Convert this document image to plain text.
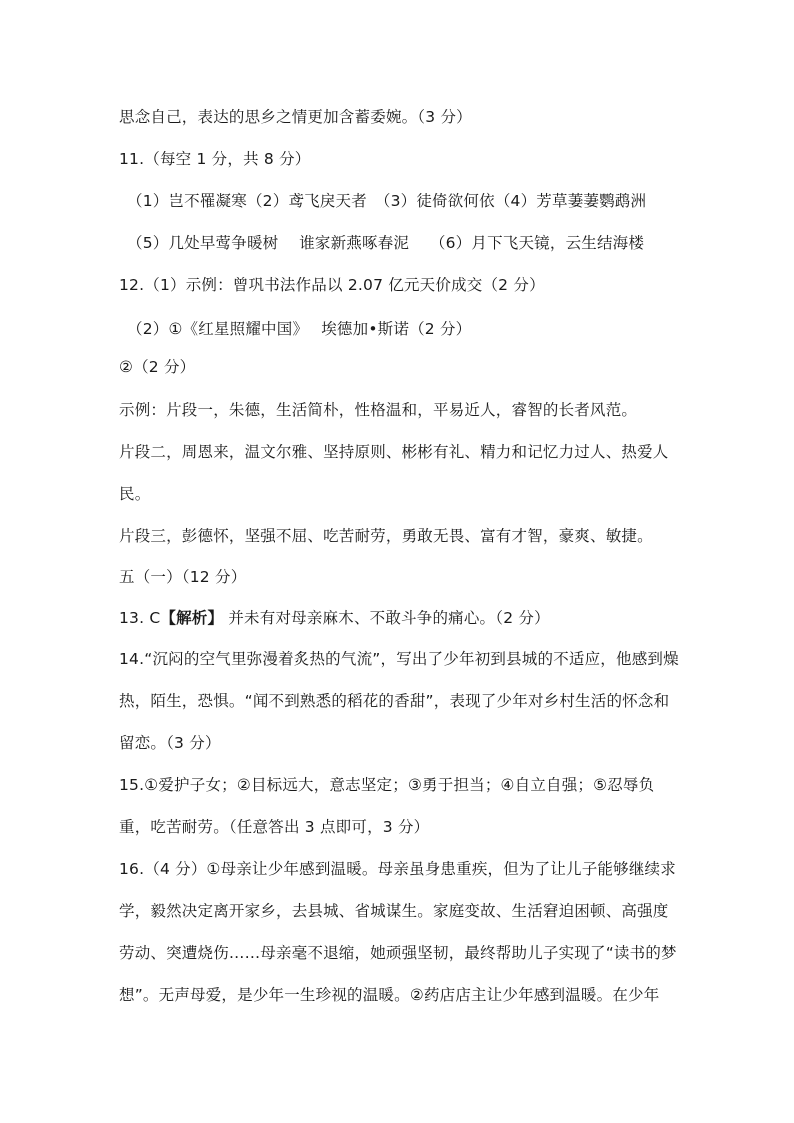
思念自己，表达的思乡之情更加含蓄委婉。（3 分）
11.（每空 1 分，共 8 分）
（1）岂不罹凝寒（2）鸢飞戾天者　（3）徒倚欲何依（4）芳草萋萋鹦鹉洲
（5）几处早莺争暖树　 谁家新燕啄春泥　 （6）月下飞天镜，云生结海楼
12.（1）示例：曾巩书法作品以 2.07 亿元天价成交（2 分）
（2）①《红星照耀中国》　 埃德加•斯诺（2 分）
②（2 分）
示例：片段一，朱德，生活简朴，性格温和，平易近人，睿智的长者风范。
片段二，周恩来，温文尔雅、坚持原则、彬彬有礼、精力和记忆力过人、热爱人
民。
片段三，彭德怀，坚强不屈、吃苦耐劳，勇敢无畏、富有才智，豪爽、敏捷。
五（一）（12 分）
13. C【解析】 并未有对母亲麻木、不敢斗争的痛心。（2 分）
14.“沉闷的空气里弥漫着炙热的气流”，写出了少年初到县城的不适应，他感到燥
热，陌生，恐惧。“闻不到熟悉的稻花的香甜”，表现了少年对乡村生活的怀念和
留恋。（3 分）
15.①爱护子女；②目标远大，意志坚定；③勇于担当；④自立自强；⑤忍辱负
重，吃苦耐劳。（任意答出 3 点即可，3 分）
16.（4 分）①母亲让少年感到温暖。母亲虽身患重疾，但为了让儿子能够继续求
学，毅然决定离开家乡，去县城、省城谋生。家庭变故、生活窘迫困顿、高强度
劳动、突遭烧伤……母亲毫不退缩，她顽强坚韧，最终帮助儿子实现了“读书的梦
想”。无声母爱，是少年一生珍视的温暖。②药店店主让少年感到温暖。在少年
